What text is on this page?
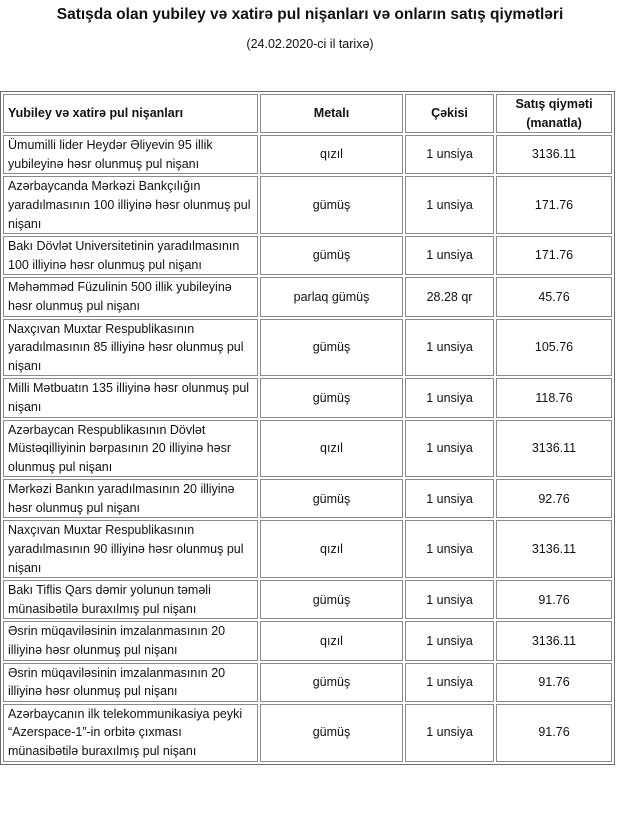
Satışda olan yubiley və xatirə pul nişanları və onların satış qiymətləri
(24.02.2020-ci il tarixə)
Yubiley və xatirə pul nişanları	Metalı	Çəkisi	Satış qiyməti (manatla)
Ümumilli lider Heydər Əliyevin 95 illik yubileyinə həsr olunmuş pul nişanı	qızıl	1 unsiya	3136.11
Azərbaycanda Mərkəzi Bankçılığın yaradılmasının 100 illiyinə həsr olunmuş pul nişanı	gümüş	1 unsiya	171.76
Bakı Dövlət Universitetinin yaradılmasının 100 illiyinə həsr olunmuş pul nişanı	gümüş	1 unsiya	171.76
Məhəmməd Füzulinin 500 illik yubileyinə həsr olunmuş pul nişanı	parlaq gümüş	28.28 qr	45.76
Naxçıvan Muxtar Respublikasının yaradılmasının 85 illiyinə həsr olunmuş pul nişanı	gümüş	1 unsiya	105.76
Milli Mətbuatın 135 illiyinə həsr olunmuş pul nişanı	gümüş	1 unsiya	118.76
Azərbaycan Respublikasının Dövlət Müstəqilliyinin bərpasının 20 illiyinə həsr olunmuş pul nişanı	qızıl	1 unsiya	3136.11
Mərkəzi Bankın yaradılmasının 20 illiyinə həsr olunmuş pul nişanı	gümüş	1 unsiya	92.76
Naxçıvan Muxtar Respublikasının yaradılmasının 90 illiyinə həsr olunmuş pul nişanı	qızıl	1 unsiya	3136.11
Bakı Tiflis Qars dəmir yolunun təməli münasibətilə buraxılmış pul nişanı	gümüş	1 unsiya	91.76
Əsrin müqaviləsinin imzalanmasının 20 illiyinə həsr olunmuş pul nişanı	qızıl	1 unsiya	3136.11
Əsrin müqaviləsinin imzalanmasının 20 illiyinə həsr olunmuş pul nişanı	gümüş	1 unsiya	91.76
Azərbaycanın ilk telekommunikasiya peyki “Azerspace-1”-in orbitə çıxması münasibətilə buraxılmış pul nişanı	gümüş	1 unsiya	91.76
